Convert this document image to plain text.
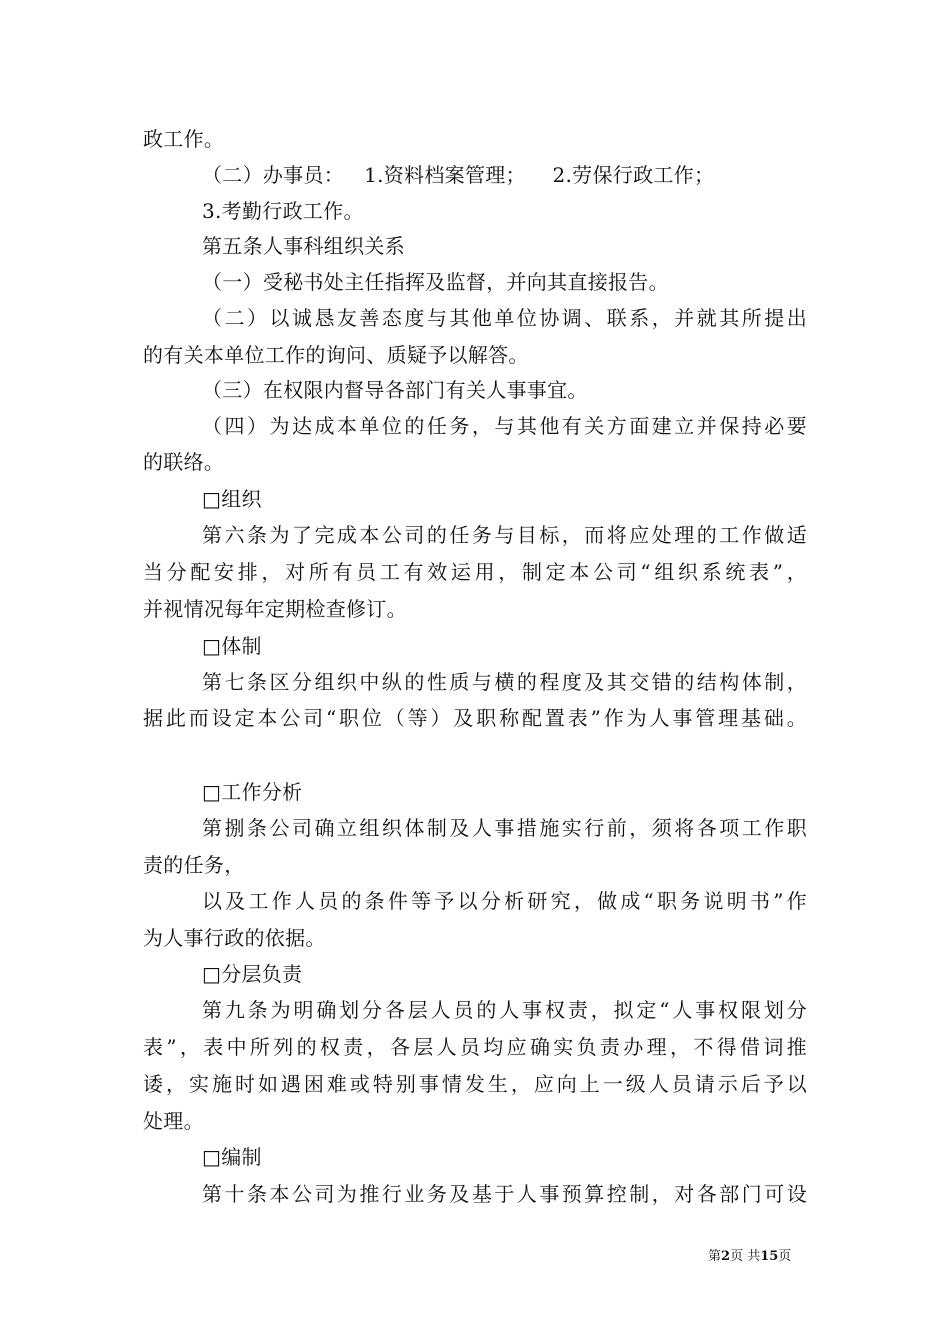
政工作。
（二）办事员：   1.资料档案管理；    2.劳保行政工作；
3.考勤行政工作。
第五条人事科组织关系
（一）受秘书处主任指挥及监督，并向其直接报告。
（二）以诚恳友善态度与其他单位协调、联系，并就其所提出
的有关本单位工作的询问、质疑予以解答。
（三）在权限内督导各部门有关人事事宜。
（四）为达成本单位的任务，与其他有关方面建立并保持必要
的联络。
□组织
第六条为了完成本公司的任务与目标，而将应处理的工作做适
当分配安排，对所有员工有效运用，制定本公司“组织系统表”，
并视情况每年定期检查修订。
□体制
第七条区分组织中纵的性质与横的程度及其交错的结构体制，
据此而设定本公司“职位（等）及职称配置表”作为人事管理基础。
□工作分析
第捌条公司确立组织体制及人事措施实行前，须将各项工作职
责的任务，
以及工作人员的条件等予以分析研究，做成“职务说明书”作
为人事行政的依据。
□分层负责
第九条为明确划分各层人员的人事权责，拟定“人事权限划分
表”，表中所列的权责，各层人员均应确实负责办理，不得借词推
诿，实施时如遇困难或特别事情发生，应向上一级人员请示后予以
处理。
□编制
第十条本公司为推行业务及基于人事预算控制，对各部门可设
第2页 共15页
